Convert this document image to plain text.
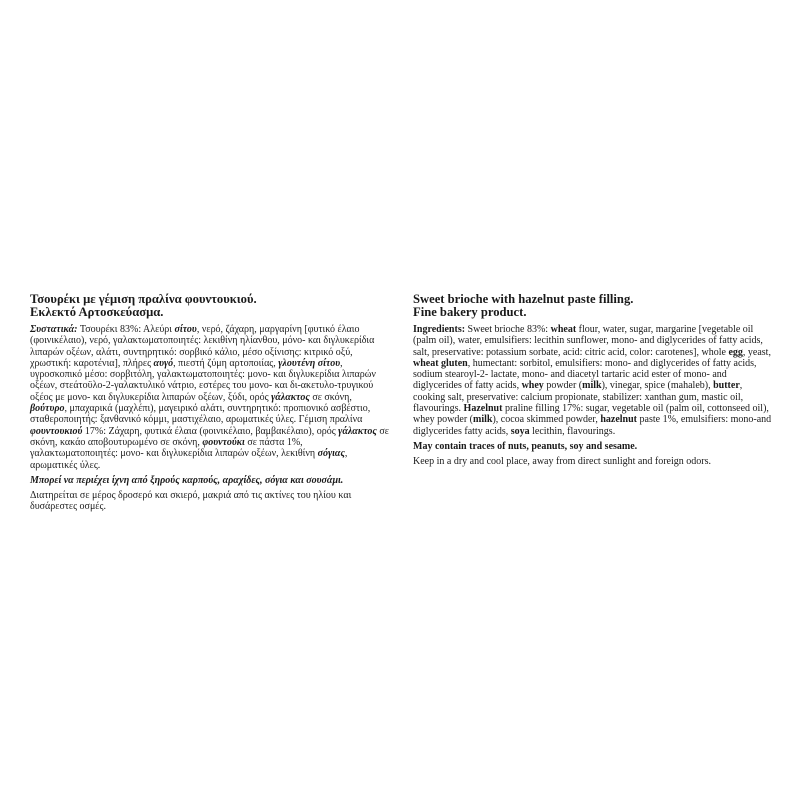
Τσουρέκι με γέμιση πραλίνα φουντουκιού.
Εκλεκτό Αρτοσκεύασμα.

Συστατικά: Τσουρέκι 83%: Αλεύρι σίτου, νερό, ζάχαρη, μαργαρίνη [φυτικό έλαιο (φοινικέλαιο), νερό, γαλακτωματοποιητές: λεκιθίνη ηλίανθου, μόνο- και διγλυκερίδια λιπαρών οξέων, αλάτι, συντηρητικό: σορβικό κάλιο, μέσο οξίνισης: κιτρικό οξύ, χρωστική: καροτένια], πλήρες αυγό, πιεστή ζύμη αρτοποιίας, γλουτένη σίτου, υγροσκοπικό μέσο: σορβιτόλη, γαλακτωματοποιητές: μονο- και διγλυκερίδια λιπαρών οξέων, στεάτοϋλο-2-γαλακτυλικό νάτριο, εστέρες του μονο- και δι-ακετυλο-τρυγικού οξέος με μονο- και διγλυκερίδια λιπαρών οξέων, ξύδι, ορός γάλακτος σε σκόνη, βούτυρο, μπαχαρικά (μαχλέπι), μαγειρικό αλάτι, συντηρητικό: προπιονικό ασβέστιο, σταθεροποιητής: ξανθανικό κόμμι, μαστιχέλαιο, αρωματικές ύλες. Γέμιση πραλίνα φουντουκιού 17%: Ζάχαρη, φυτικά έλαια (φοινικέλαιο, βαμβακέλαιο), ορός γάλακτος σε σκόνη, κακάο αποβουτυρωμένο σε σκόνη, φουντούκι σε πάστα 1%, γαλακτωματοποιητές: μονο- και διγλυκερίδια λιπαρών οξέων, λεκιθίνη σόγιας, αρωματικές ύλες.

Μπορεί να περιέχει ίχνη από ξηρούς καρπούς, αραχίδες, σόγια και σουσάμι.

Διατηρείται σε μέρος δροσερό και σκιερό, μακριά από τις ακτίνες του ηλίου και δυσάρεστες οσμές.

Sweet brioche with hazelnut paste filling.
Fine bakery product.

Ingredients: Sweet brioche 83%: wheat flour, water, sugar, margarine [vegetable oil (palm oil), water, emulsifiers: lecithin sunflower, mono- and diglycerides of fatty acids, salt, preservative: potassium sorbate, acid: citric acid, color: carotenes], whole egg, yeast, wheat gluten, humectant: sorbitol, emulsifiers: mono- and diglycerides of fatty acids, sodium stearoyl-2- lactate, mono- and diacetyl tartaric acid ester of mono- and diglycerides of fatty acids, whey powder (milk), vinegar, spice (mahaleb), butter, cooking salt, preservative: calcium propionate, stabilizer: xanthan gum, mastic oil, flavourings. Hazelnut praline filling 17%: sugar, vegetable oil (palm oil, cottonseed oil), whey powder (milk), cocoa skimmed powder, hazelnut paste 1%, emulsifiers: mono-and diglycerides fatty acids, soya lecithin, flavourings.

May contain traces of nuts, peanuts, soy and sesame.

Keep in a dry and cool place, away from direct sunlight and foreign odors.
